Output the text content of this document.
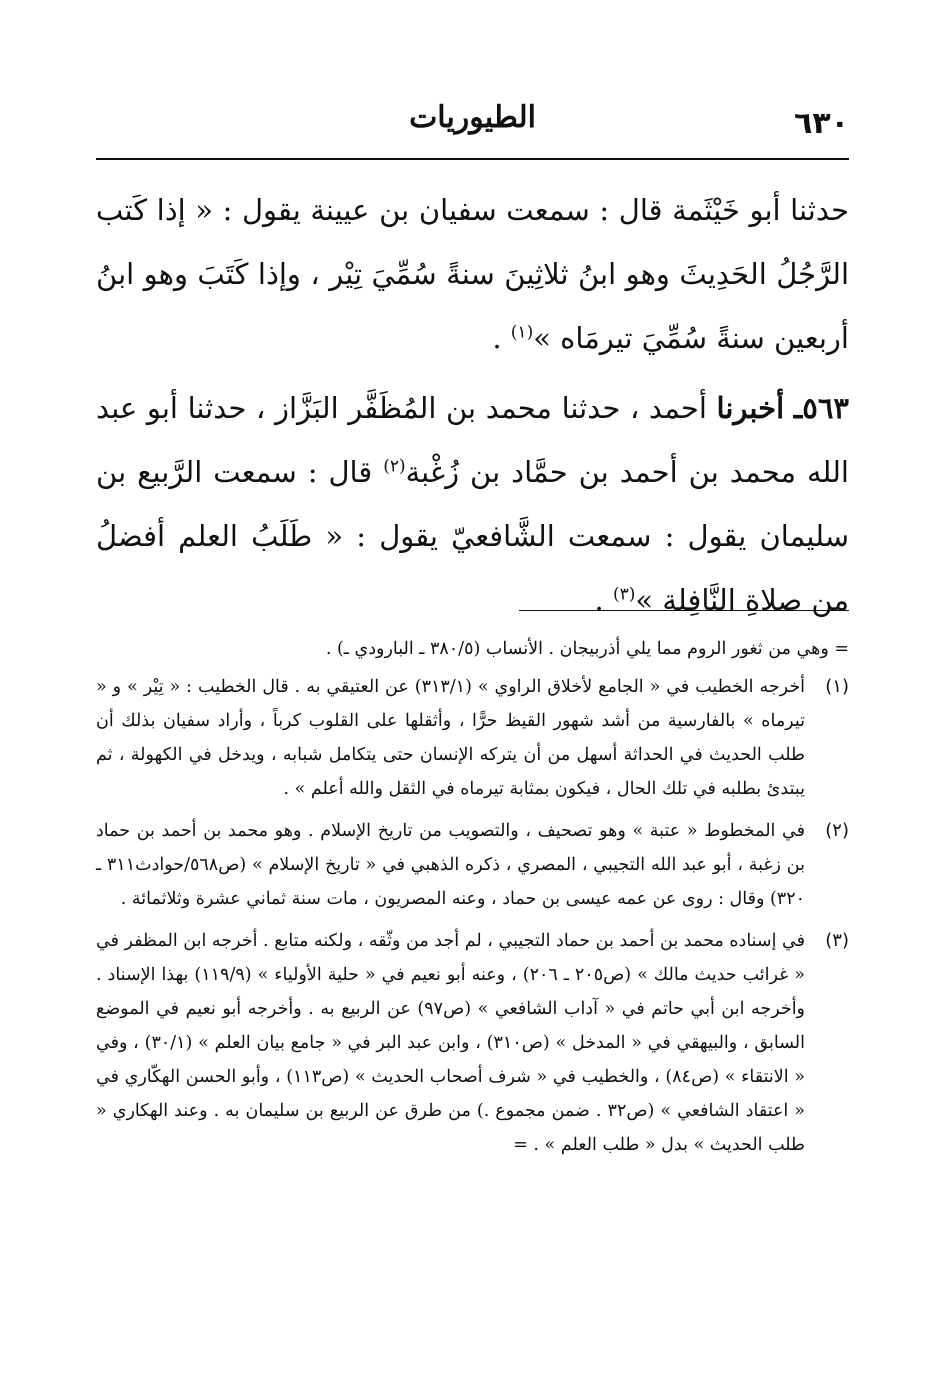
٦٣٠
الطيوريات

حدثنا أبو خَيْثَمة قال : سمعت سفيان بن عيينة يقول : « إذا كَتب الرَّجُلُ الحَدِيثَ وهو ابنُ ثلاثِينَ سنةً سُمِّيَ تِيْر ، وإذا كَتَبَ وهو ابنُ أربعين سنةً سُمِّيَ تيرمَاه »$^{(١)}$ .

٥٦٣ـ أخبرنا أحمد ، حدثنا محمد بن المُظَفَّر البَزَّاز ، حدثنا أبو عبد الله محمد بن أحمد بن حمَّاد بن زُغْبة$^{(٢)}$ قال : سمعت الرَّبيع بن سليمان يقول : سمعت الشَّافعيّ يقول : « طَلَبُ العلم أفضلُ من صلاةِ النَّافِلة »$^{(٣)}$ .

= وهي من ثغور الروم مما يلي أذربيجان . الأنساب (٣٨٠/٥ ـ البارودي ـ) .
(١)
أخرجه الخطيب في « الجامع لأخلاق الراوي » (٣١٣/١) عن العتيقي به . قال الخطيب : « تِيْر » و « تيرماه » بالفارسية من أشد شهور القيظ حرًّا ، وأثقلها على القلوب كرباً ، وأراد سفيان بذلك أن طلب الحديث في الحداثة أسهل من أن يتركه الإنسان حتى يتكامل شبابه ، ويدخل في الكهولة ، ثم يبتدئ بطلبه في تلك الحال ، فيكون بمثابة تيرماه في الثقل والله أعلم » .
(٢)
في المخطوط « عتبة » وهو تصحيف ، والتصويب من تاريخ الإسلام . وهو محمد بن أحمد بن حماد بن زغبة ، أبو عبد الله التجيبي ، المصري ، ذكره الذهبي في « تاريخ الإسلام » (ص٥٦٨/حوادث٣١١ ـ ٣٢٠) وقال : روى عن عمه عيسى بن حماد ، وعنه المصريون ، مات سنة ثماني عشرة وثلاثمائة .
(٣)
في إسناده محمد بن أحمد بن حماد التجيبي ، لم أجد من وثّقه ، ولكنه متابع . أخرجه ابن المظفر في « غرائب حديث مالك » (ص٢٠٥ ـ ٢٠٦) ، وعنه أبو نعيم في « حلية الأولياء » (١١٩/٩) بهذا الإسناد . وأخرجه ابن أبي حاتم في « آداب الشافعي » (ص٩٧) عن الربيع به . وأخرجه أبو نعيم في الموضع السابق ، والبيهقي في « المدخل » (ص٣١٠) ، وابن عبد البر في « جامع بيان العلم » (٣٠/١) ، وفي « الانتقاء » (ص٨٤) ، والخطيب في « شرف أصحاب الحديث » (ص١١٣) ، وأبو الحسن الهكّاري في « اعتقاد الشافعي » (ص٣٢ . ضمن مجموع .) من طرق عن الربيع بن سليمان به . وعند الهكاري « طلب الحديث » بدل « طلب العلم » . =
